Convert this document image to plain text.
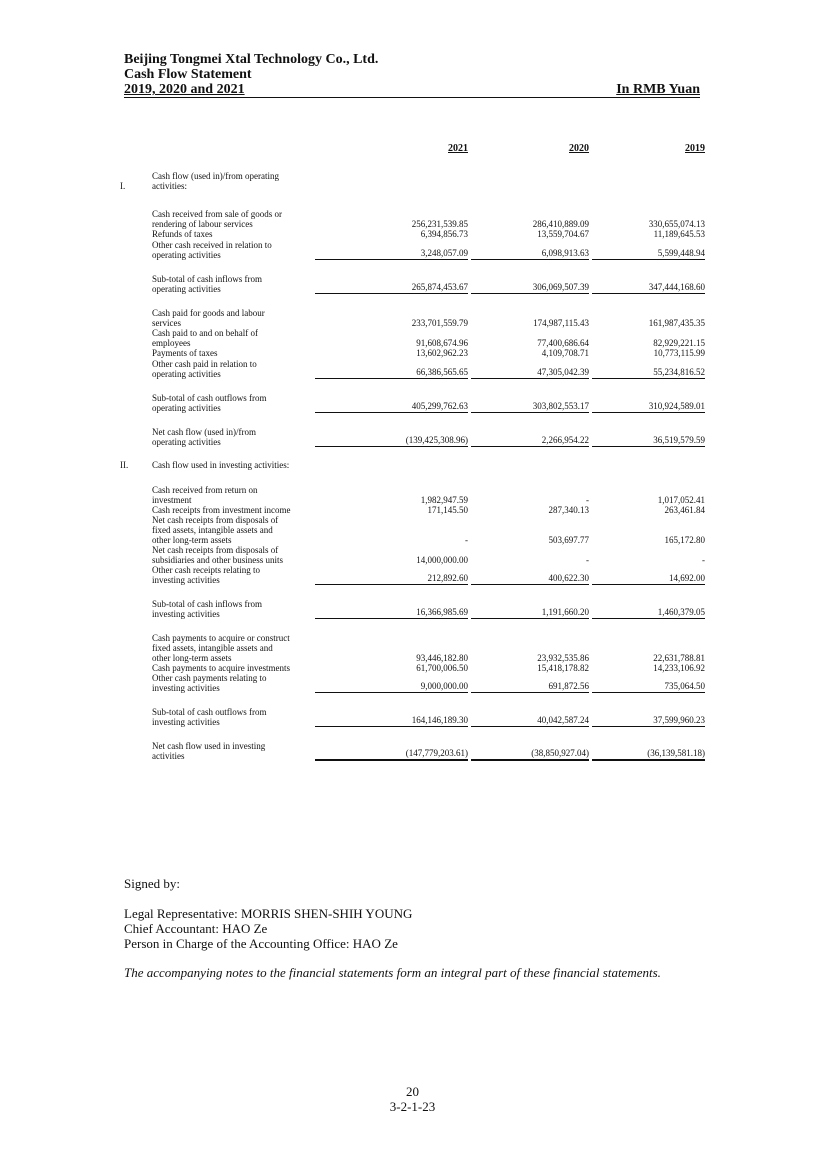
Beijing Tongmei Xtal Technology Co., Ltd.
Cash Flow Statement
2019, 2020 and 2021	In RMB Yuan
2021	2020	2019
I.
Cash flow (used in)/from operating
activities:
Cash received from sale of goods or
rendering of labour services	256,231,539.85	286,410,889.09	330,655,074.13
Refunds of taxes	6,394,856.73	13,559,704.67	11,189,645.53
Other cash received in relation to
operating activities	3,248,057.09	6,098,913.63	5,599,448.94
Sub-total of cash inflows from
operating activities	265,874,453.67	306,069,507.39	347,444,168.60
Cash paid for goods and labour
services	233,701,559.79	174,987,115.43	161,987,435.35
Cash paid to and on behalf of
employees	91,608,674.96	77,400,686.64	82,929,221.15
Payments of taxes	13,602,962.23	4,109,708.71	10,773,115.99
Other cash paid in relation to
operating activities	66,386,565.65	47,305,042.39	55,234,816.52
Sub-total of cash outflows from
operating activities	405,299,762.63	303,802,553.17	310,924,589.01
Net cash flow (used in)/from
operating activities	(139,425,308.96)	2,266,954.22	36,519,579.59
II.	Cash flow used in investing activities:
Cash received from return on
investment	1,982,947.59	-	1,017,052.41
Cash receipts from investment income	171,145.50	287,340.13	263,461.84
Net cash receipts from disposals of
fixed assets, intangible assets and
other long-term assets	-	503,697.77	165,172.80
Net cash receipts from disposals of
subsidiaries and other business units	14,000,000.00	-	-
Other cash receipts relating to
investing activities	212,892.60	400,622.30	14,692.00
Sub-total of cash inflows from
investing activities	16,366,985.69	1,191,660.20	1,460,379.05
Cash payments to acquire or construct
fixed assets, intangible assets and
other long-term assets	93,446,182.80	23,932,535.86	22,631,788.81
Cash payments to acquire investments	61,700,006.50	15,418,178.82	14,233,106.92
Other cash payments relating to
investing activities	9,000,000.00	691,872.56	735,064.50
Sub-total of cash outflows from
investing activities	164,146,189.30	40,042,587.24	37,599,960.23
Net cash flow used in investing
activities	(147,779,203.61)	(38,850,927.04)	(36,139,581.18)
Signed by:
Legal Representative: MORRIS SHEN-SHIH YOUNG
Chief Accountant: HAO Ze
Person in Charge of the Accounting Office: HAO Ze
The accompanying notes to the financial statements form an integral part of these financial statements.
20
3-2-1-23
